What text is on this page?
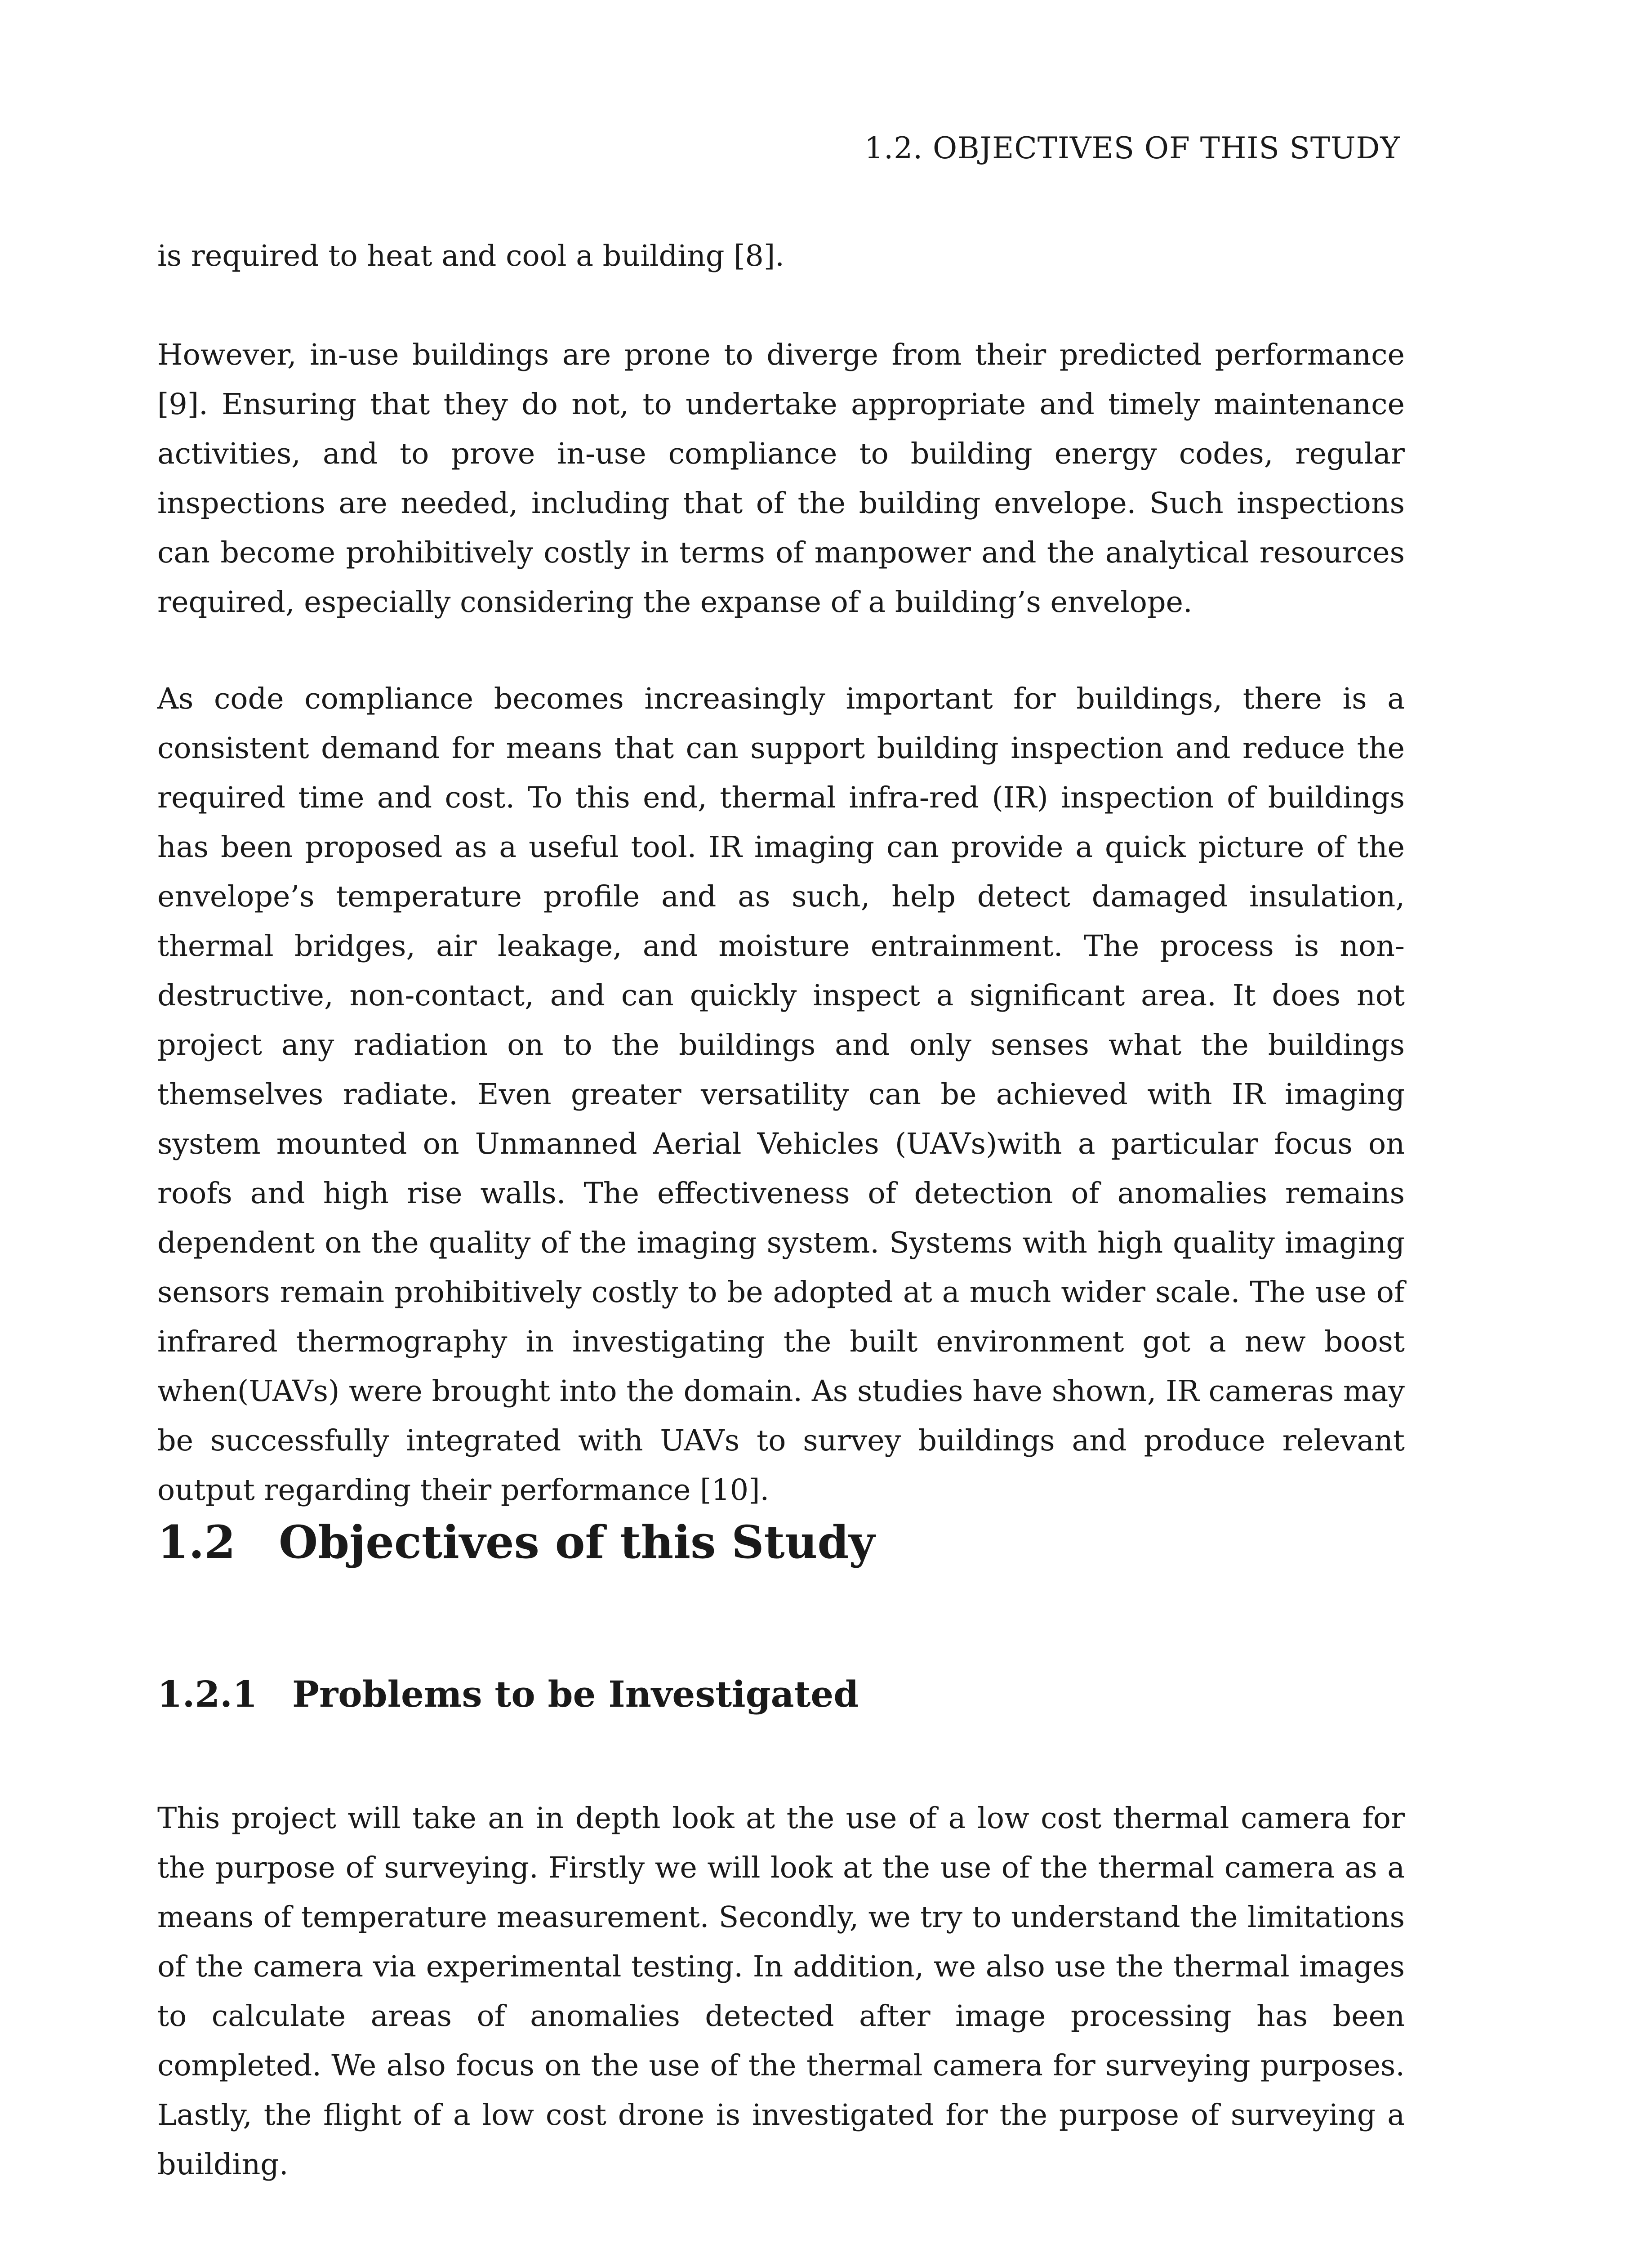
1.2. OBJECTIVES OF THIS STUDY

is required to heat and cool a building [8].

However, in-use buildings are prone to diverge from their predicted performance [9]. Ensuring that they do not, to undertake appropriate and timely maintenance activities, and to prove in-use compliance to building energy codes, regular inspections are needed, including that of the building envelope. Such inspections can become prohibitively costly in terms of manpower and the analytical resources required, especially considering the expanse of a building’s envelope.

As code compliance becomes increasingly important for buildings, there is a consistent demand for means that can support building inspection and reduce the required time and cost. To this end, thermal infra-red (IR) inspection of buildings has been proposed as a useful tool. IR imaging can provide a quick picture of the envelope’s temperature profile and as such, help detect damaged insulation, thermal bridges, air leakage, and moisture entrainment. The process is non-destructive, non-contact, and can quickly inspect a significant area. It does not project any radiation on to the buildings and only senses what the buildings themselves radiate. Even greater versatility can be achieved with IR imaging system mounted on Unmanned Aerial Vehicles (UAVs)with a particular focus on roofs and high rise walls. The effectiveness of detection of anomalies remains dependent on the quality of the imaging system. Systems with high quality imaging sensors remain prohibitively costly to be adopted at a much wider scale. The use of infrared thermography in investigating the built environment got a new boost when(UAVs) were brought into the domain. As studies have shown, IR cameras may be successfully integrated with UAVs to survey buildings and produce relevant output regarding their performance [10].

1.2 Objectives of this Study
1.2.1 Problems to be Investigated

This project will take an in depth look at the use of a low cost thermal camera for the purpose of surveying. Firstly we will look at the use of the thermal camera as a means of temperature measurement. Secondly, we try to understand the limitations of the camera via experimental testing. In addition, we also use the thermal images to calculate areas of anomalies detected after image processing has been completed. We also focus on the use of the thermal camera for surveying purposes. Lastly, the flight of a low cost drone is investigated for the purpose of surveying a building.
